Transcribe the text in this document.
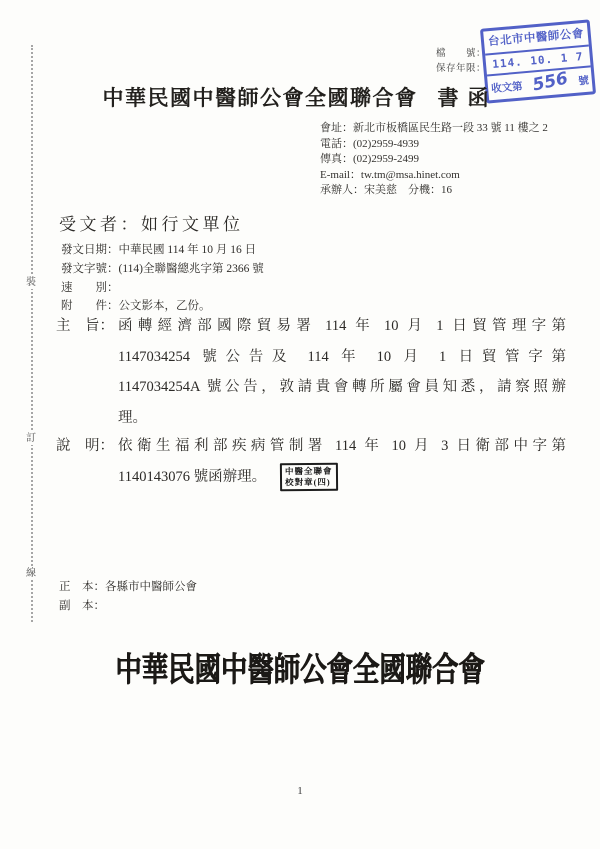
裝
訂
線
檔　　號：
保存年限：
台北市中醫師公會
114. 10. 1 7
收文第 556 號
中華民國中醫師公會全國聯合會 書函
會址：新北市板橋區民生路一段 33 號 11 樓之 2
電話：(02)2959-4939
傳真：(02)2959-2499
E-mail：tw.tm@msa.hinet.com
承辦人：宋美慈　分機：16
受文者：如行文單位
發文日期：中華民國 114 年 10 月 16 日
發文字號：(114)全聯醫總兆字第 2366 號
速　　別：
附　　件：公文影本，乙份。
主　旨： 函轉經濟部國際貿易署 114 年 10 月 1 日貿管理字第
1147034254 號公告及 114 年 10 月 1 日貿管字第
1147034254A 號公告，敦請貴會轉所屬會員知悉，請察照辦
理。
說　明： 依衛生福利部疾病管制署 114 年 10 月 3 日衛部中字第
1140143076 號函辦理。 中醫全聯會
校對章(四)
正　本：各縣市中醫師公會
副　本：
中華民國中醫師公會全國聯合會
1
